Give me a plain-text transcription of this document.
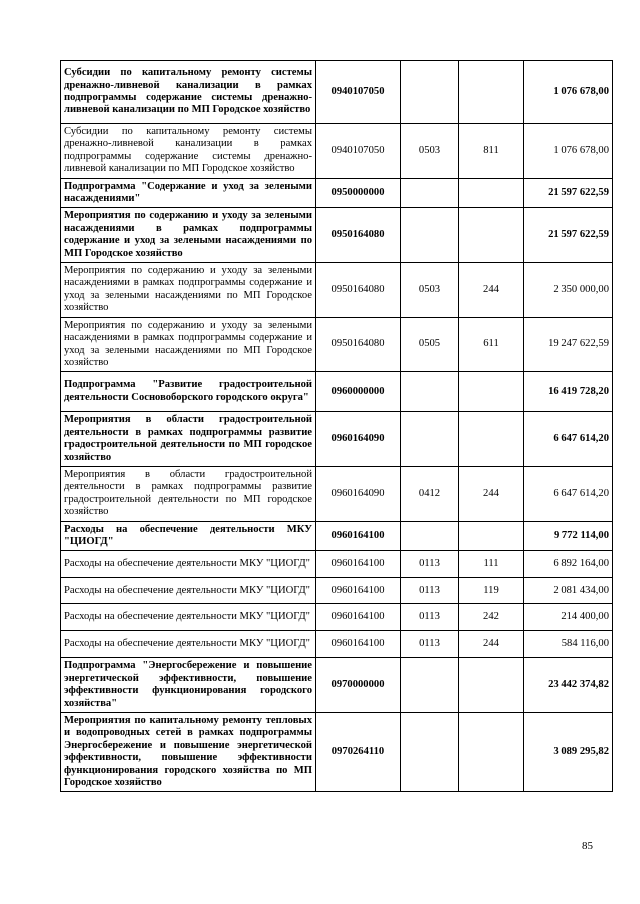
Субсидии по капитальному ремонту системы дренажно-ливневой канализации в рамках подпрограммы содержание системы дренажно-ливневой канализации по МП Городское хозяйство	0940107050			1 076 678,00
Субсидии по капитальному ремонту системы дренажно-ливневой канализации в рамках подпрограммы содержание системы дренажно-ливневой канализации по МП Городское хозяйство	0940107050	0503	811	1 076 678,00
Подпрограмма "Содержание и уход за зелеными насаждениями"	0950000000			21 597 622,59
Мероприятия по содержанию и уходу за зелеными насаждениями в рамках подпрограммы содержание и уход за зелеными насаждениями по МП Городское хозяйство	0950164080			21 597 622,59
Мероприятия по содержанию и уходу за зелеными насаждениями в рамках подпрограммы содержание и уход за зелеными насаждениями по МП Городское хозяйство	0950164080	0503	244	2 350 000,00
Мероприятия по содержанию и уходу за зелеными насаждениями в рамках подпрограммы содержание и уход за зелеными насаждениями по МП Городское хозяйство	0950164080	0505	611	19 247 622,59
Подпрограмма "Развитие градостроительной деятельности Сосновоборского городского округа"	0960000000			16 419 728,20
Мероприятия в области градостроительной деятельности в рамках подпрограммы развитие градостроительной деятельности по МП городское хозяйство	0960164090			6 647 614,20
Мероприятия в области градостроительной деятельности в рамках подпрограммы развитие градостроительной деятельности по МП городское хозяйство	0960164090	0412	244	6 647 614,20
Расходы на обеспечение деятельности МКУ "ЦИОГД"	0960164100			9 772 114,00
Расходы на обеспечение деятельности МКУ "ЦИОГД"	0960164100	0113	111	6 892 164,00
Расходы на обеспечение деятельности МКУ "ЦИОГД"	0960164100	0113	119	2 081 434,00
Расходы на обеспечение деятельности МКУ "ЦИОГД"	0960164100	0113	242	214 400,00
Расходы на обеспечение деятельности МКУ "ЦИОГД"	0960164100	0113	244	584 116,00
Подпрограмма "Энергосбережение и повышение энергетической эффективности, повышение эффективности функционирования городского хозяйства"	0970000000			23 442 374,82
Мероприятия по капитальному ремонту тепловых и водопроводных сетей в рамках подпрограммы Энергосбережение и повышение энергетической эффективности, повышение эффективности функционирования городского хозяйства по МП Городское хозяйство	0970264110			3 089 295,82
85
